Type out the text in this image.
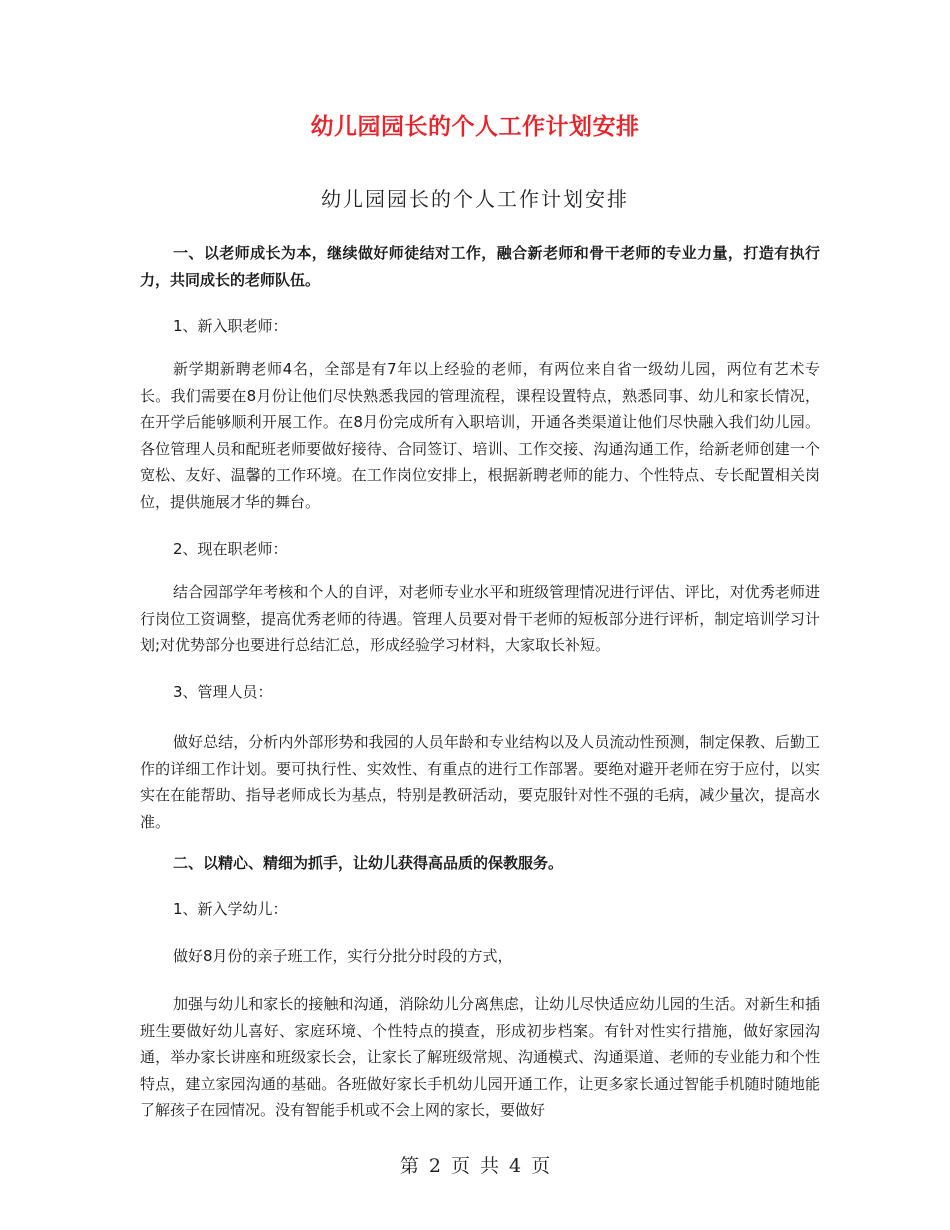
幼儿园园长的个人工作计划安排
幼儿园园长的个人工作计划安排
一、以老师成长为本，继续做好师徒结对工作，融合新老师和骨干老师的专业力量，打造有执行力，共同成长的老师队伍。
1、新入职老师：
新学期新聘老师4名，全部是有7年以上经验的老师，有两位来自省一级幼儿园，两位有艺术专长。我们需要在8月份让他们尽快熟悉我园的管理流程，课程设置特点，熟悉同事、幼儿和家长情况，在开学后能够顺利开展工作。在8月份完成所有入职培训，开通各类渠道让他们尽快融入我们幼儿园。各位管理人员和配班老师要做好接待、合同签订、培训、工作交接、沟通沟通工作，给新老师创建一个宽松、友好、温馨的工作环境。在工作岗位安排上，根据新聘老师的能力、个性特点、专长配置相关岗位，提供施展才华的舞台。
2、现在职老师：
结合园部学年考核和个人的自评，对老师专业水平和班级管理情况进行评估、评比，对优秀老师进行岗位工资调整，提高优秀老师的待遇。管理人员要对骨干老师的短板部分进行评析，制定培训学习计划;对优势部分也要进行总结汇总，形成经验学习材料，大家取长补短。
3、管理人员：
做好总结，分析内外部形势和我园的人员年龄和专业结构以及人员流动性预测，制定保教、后勤工作的详细工作计划。要可执行性、实效性、有重点的进行工作部署。要绝对避开老师在穷于应付，以实实在在能帮助、指导老师成长为基点，特别是教研活动，要克服针对性不强的毛病，减少量次，提高水准。
二、以精心、精细为抓手，让幼儿获得高品质的保教服务。
1、新入学幼儿：
做好8月份的亲子班工作，实行分批分时段的方式，
加强与幼儿和家长的接触和沟通，消除幼儿分离焦虑，让幼儿尽快适应幼儿园的生活。对新生和插班生要做好幼儿喜好、家庭环境、个性特点的摸查，形成初步档案。有针对性实行措施，做好家园沟通，举办家长讲座和班级家长会，让家长了解班级常规、沟通模式、沟通渠道、老师的专业能力和个性特点，建立家园沟通的基础。各班做好家长手机幼儿园开通工作，让更多家长通过智能手机随时随地能了解孩子在园情况。没有智能手机或不会上网的家长，要做好
第 2 页 共 4 页
